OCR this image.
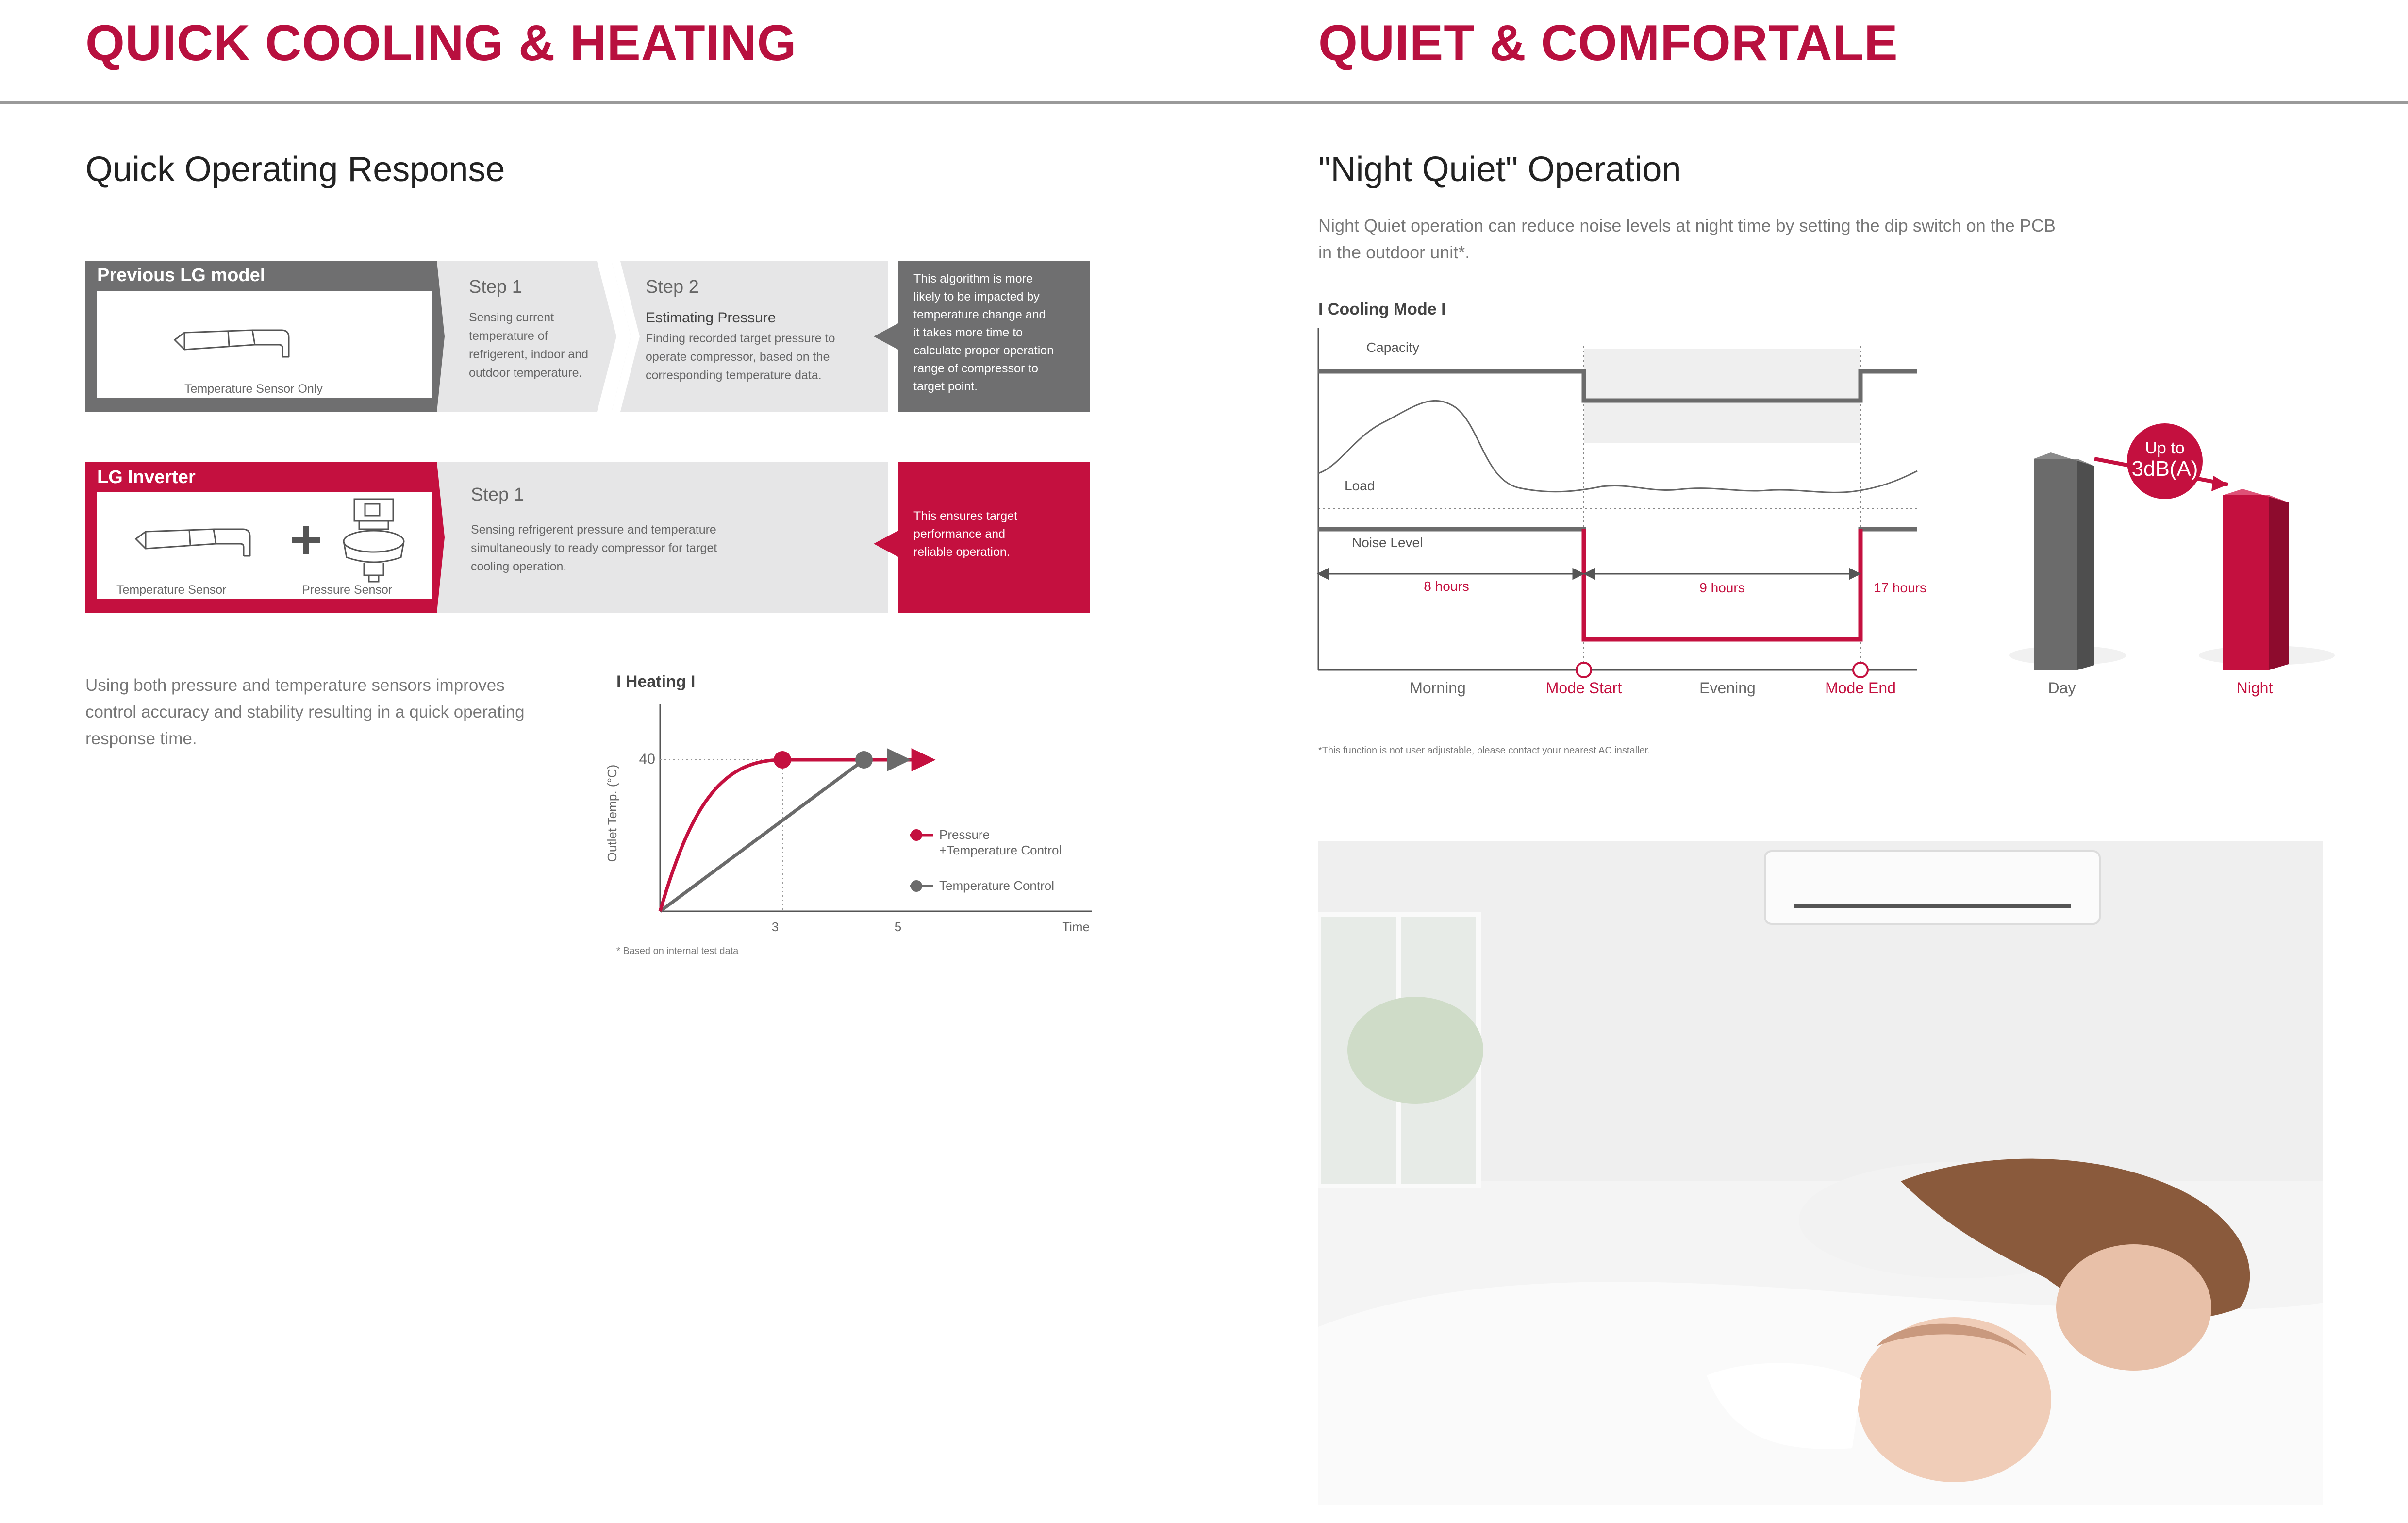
QUICK COOLING & HEATING	QUIET & COMFORTALE
Quick Operating Response
Previous LG model
Temperature Sensor Only
Step 1
Sensing current
temperature of
refrigerent, indoor and
outdoor temperature.
Step 2
Estimating Pressure
Finding recorded target pressure to
operate compressor, based on the
corresponding temperature data.
This algorithm is more
likely to be impacted by
temperature change and
it takes more time to
calculate proper operation
range of compressor to
target point.
LG Inverter
Temperature Sensor	Pressure Sensor
Step 1
Sensing refrigerent pressure and temperature
simultaneously to ready compressor for target
cooling operation.
This ensures target
performance and
reliable operation.
Using both pressure and temperature sensors improves
control accuracy and stability resulting in a quick operating
response time.
I Heating I
Outlet Temp. (°C)
40
3	5	Time
Pressure
+Temperature Control
Temperature Control
* Based on internal test data
"Night Quiet" Operation
Night Quiet operation can reduce noise levels at night time by setting the dip switch on the PCB
in the outdoor unit*.
I Cooling Mode I
Capacity
Load
Noise Level
8 hours	9 hours	17 hours
Morning	Mode Start	Evening	Mode End
Up to
3dB(A)
Day	Night
*This function is not user adjustable, please contact your nearest AC installer.
